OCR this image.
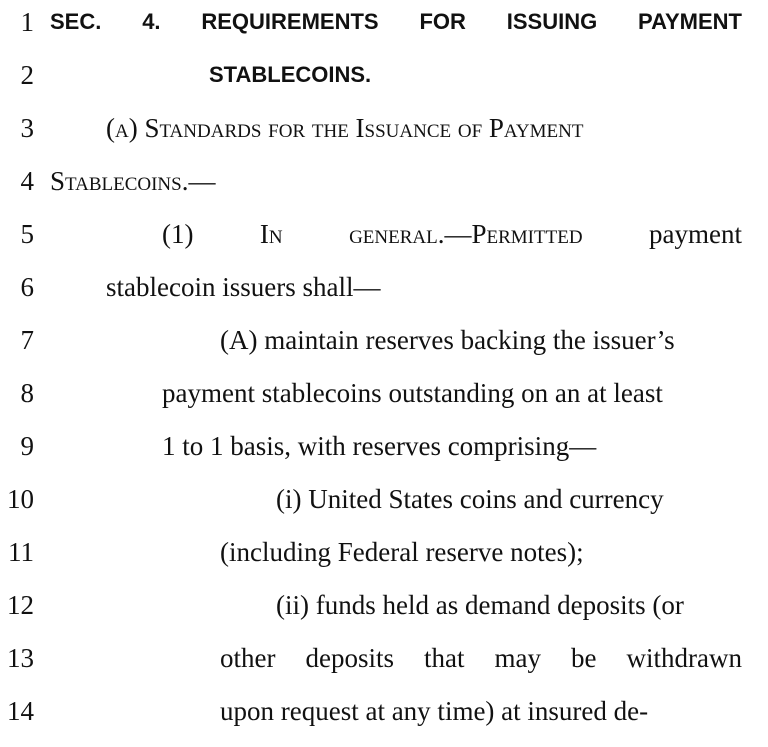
1 SEC. 4. REQUIREMENTS FOR ISSUING PAYMENT
2	STABLECOINS.
3	(a) Standards for the Issuance of Payment
4 Stablecoins.—
5	(1) In general.—Permitted payment
6	stablecoin issuers shall—
7	(A) maintain reserves backing the issuer’s
8	payment stablecoins outstanding on an at least
9	1 to 1 basis, with reserves comprising—
10	(i) United States coins and currency
11	(including Federal reserve notes);
12	(ii) funds held as demand deposits (or
13	other deposits that may be withdrawn
14	upon request at any time) at insured de-
